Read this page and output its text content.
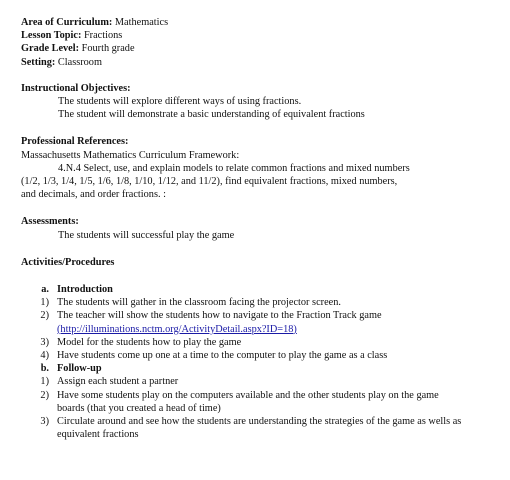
Area of Curriculum: Mathematics
Lesson Topic: Fractions
Grade Level: Fourth grade
Setting: Classroom
Instructional Objectives:
The students will explore different ways of using fractions.
The student will demonstrate a basic understanding of equivalent fractions
Professional References:
Massachusetts Mathematics Curriculum Framework:
4.N.4 Select, use, and explain models to relate common fractions and mixed numbers
(1/2, 1/3, 1/4, 1/5, 1/6, 1/8, 1/10, 1/12, and 11/2), find equivalent fractions, mixed numbers,
and decimals, and order fractions. :
Assessments:
The students will successful play the game
Activities/Procedures
a. Introduction
1) The students will gather in the classroom facing the projector screen.
2) The teacher will show the students how to navigate to the Fraction Track game
(http://illuminations.nctm.org/ActivityDetail.aspx?ID=18)
3) Model for the students how to play the game
4) Have students come up one at a time to the computer to play the game as a class
b. Follow-up
1) Assign each student a partner
2) Have some students play on the computers available and the other students play on the game
boards (that you created a head of time)
3) Circulate around and see how the students are understanding the strategies of the game as wells as
equivalent fractions
